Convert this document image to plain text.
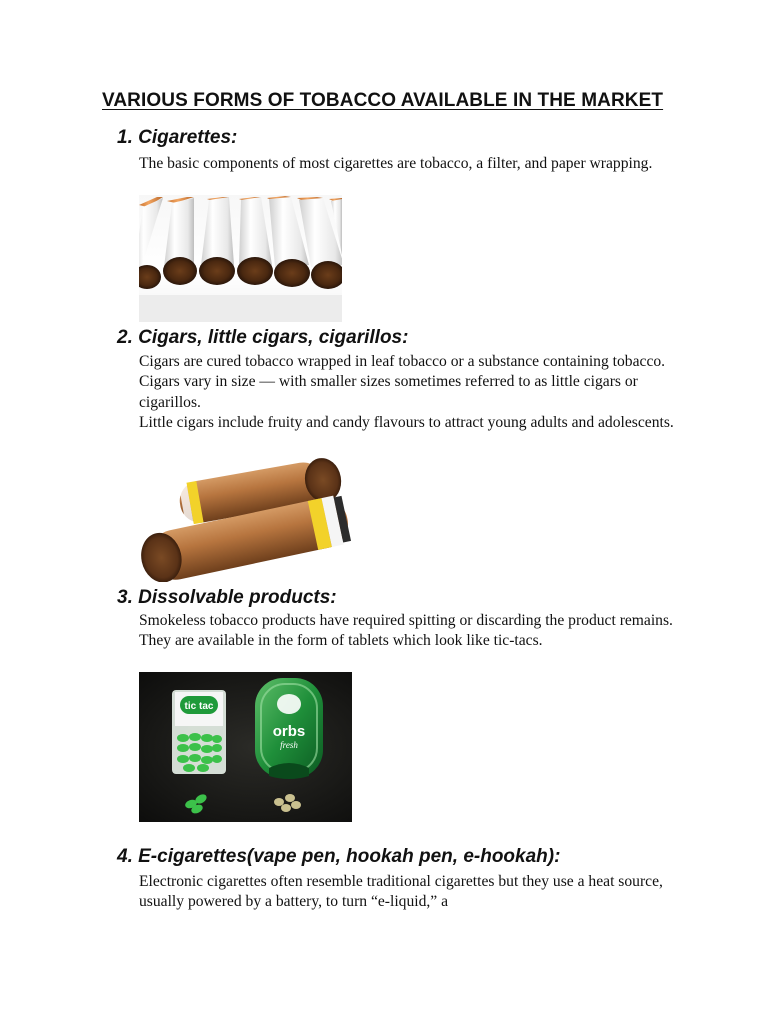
VARIOUS FORMS OF TOBACCO AVAILABLE IN THE MARKET
1. Cigarettes:

The basic components of most cigarettes are tobacco, a filter, and paper wrapping.

2. Cigars, little cigars, cigarillos:

Cigars are cured tobacco wrapped in leaf tobacco or a substance containing tobacco. Cigars vary in size — with smaller sizes sometimes referred to as little cigars or cigarillos.

Little cigars include fruity and candy flavours to attract young adults and adolescents.

3. Dissolvable products:

Smokeless tobacco products have required spitting or discarding the product remains. They are available in the form of tablets which look like tic-tacs.

tic tac
orbs
fresh
4. E-cigarettes(vape pen, hookah pen, e-hookah):

Electronic cigarettes often resemble traditional cigarettes but they use a heat source, usually powered by a battery, to turn “e-liquid,” a
